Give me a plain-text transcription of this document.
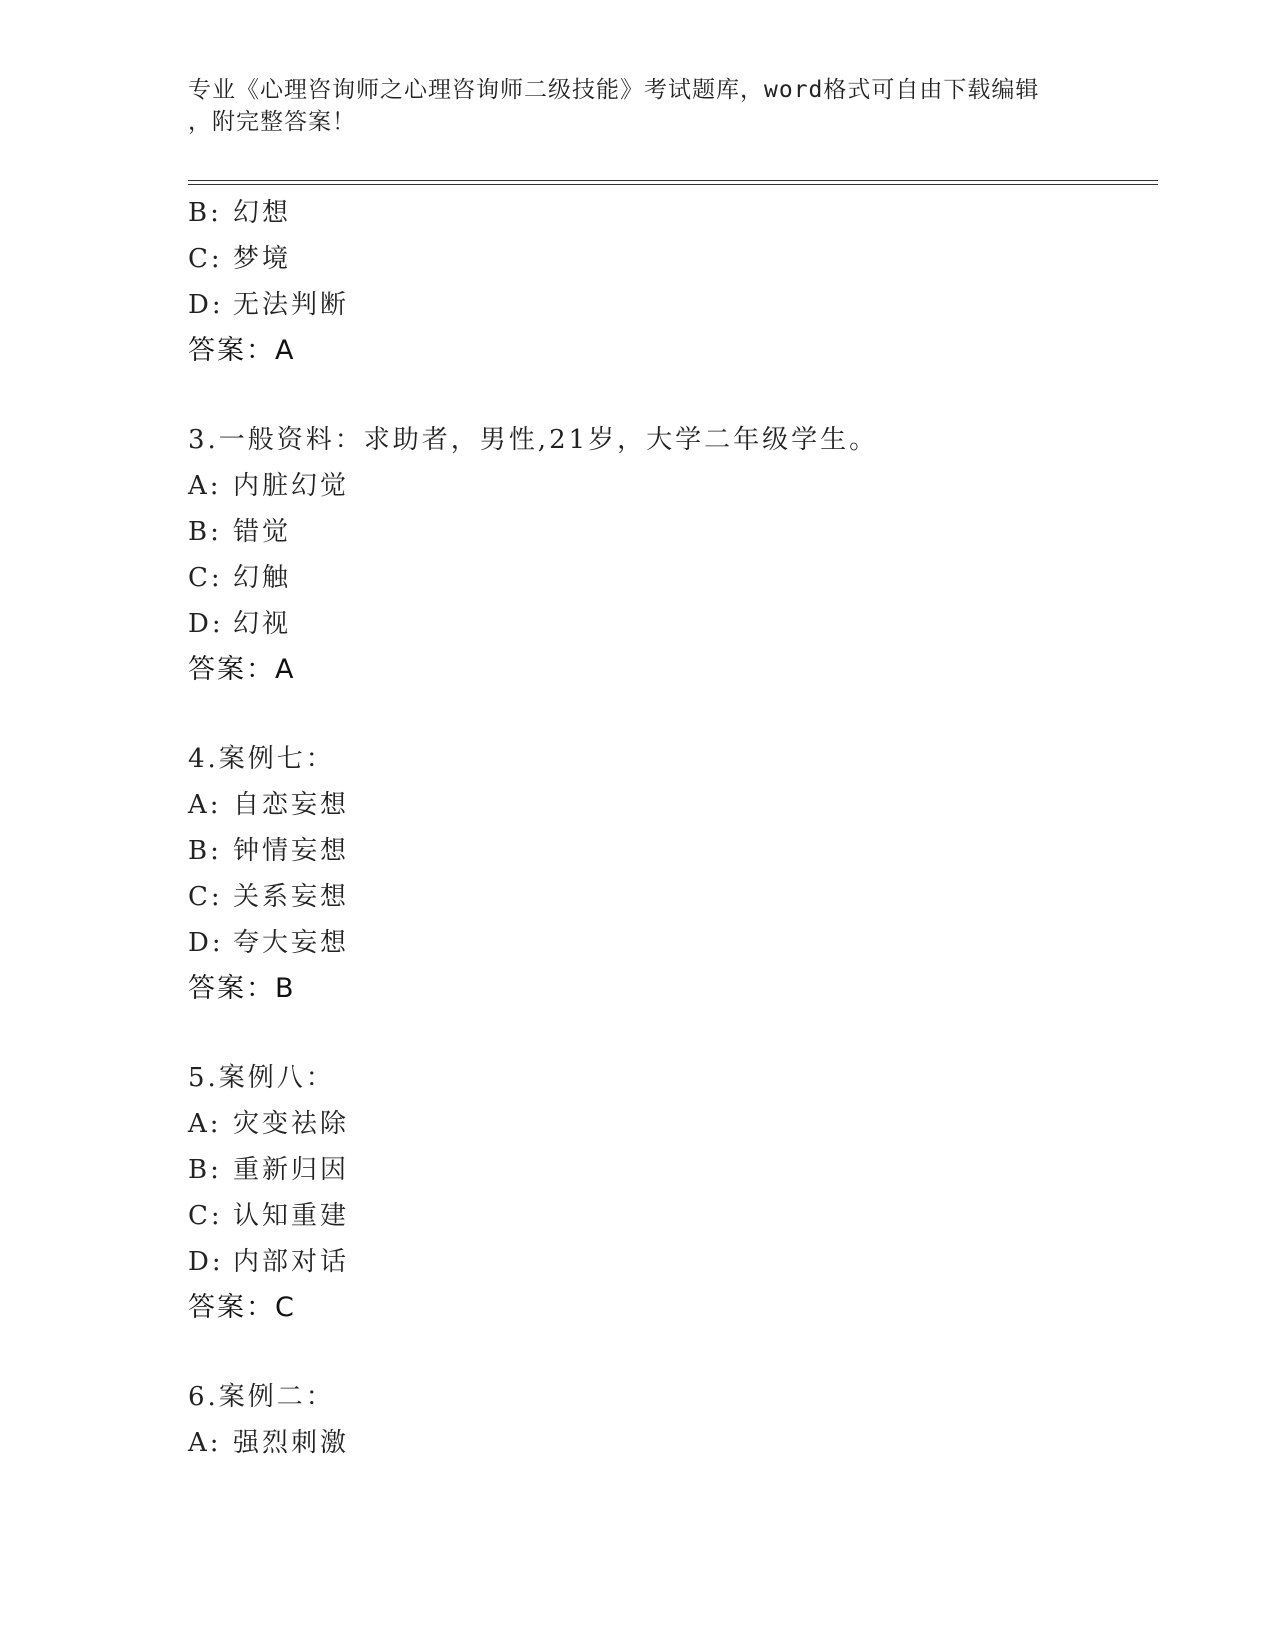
专业《心理咨询师之心理咨询师二级技能》考试题库，word格式可自由下载编辑
，附完整答案！
B: 幻想
C: 梦境
D: 无法判断
答案：A
3.一般资料：求助者，男性,21岁，大学二年级学生。
A: 内脏幻觉
B: 错觉
C: 幻触
D: 幻视
答案：A
4.案例七：
A: 自恋妄想
B: 钟情妄想
C: 关系妄想
D: 夸大妄想
答案：B
5.案例八：
A: 灾变祛除
B: 重新归因
C: 认知重建
D: 内部对话
答案：C
6.案例二：
A: 强烈刺激
